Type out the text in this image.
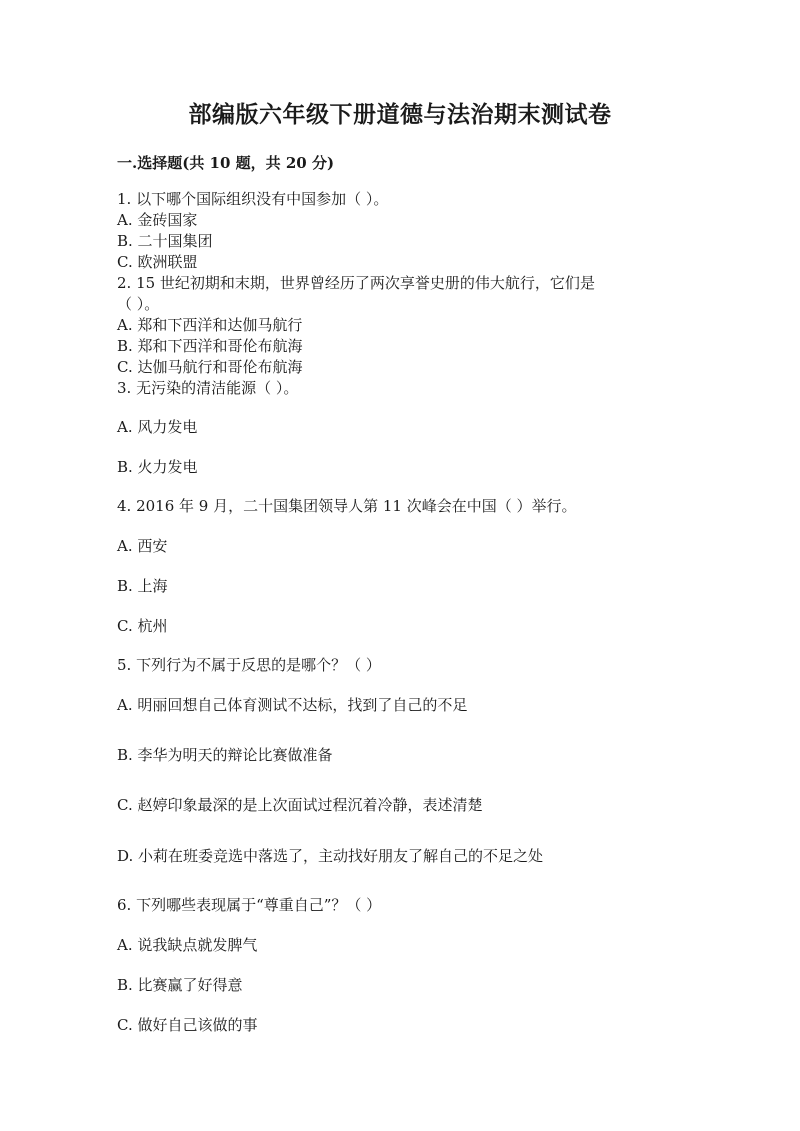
部编版六年级下册道德与法治期末测试卷
一.选择题(共 10 题，共 20 分)
1. 以下哪个国际组织没有中国参加（ ）。
A. 金砖国家
B. 二十国集团
C. 欧洲联盟
2. 15 世纪初期和末期，世界曾经历了两次享誉史册的伟大航行，它们是
（ ）。
A. 郑和下西洋和达伽马航行
B. 郑和下西洋和哥伦布航海
C. 达伽马航行和哥伦布航海
3. 无污染的清洁能源（ ）。
A. 风力发电
B. 火力发电
4. 2016 年 9 月，二十国集团领导人第 11 次峰会在中国（ ）举行。
A. 西安
B. 上海
C. 杭州
5. 下列行为不属于反思的是哪个？（ ）
A. 明丽回想自己体育测试不达标，找到了自己的不足
B. 李华为明天的辩论比赛做准备
C. 赵婷印象最深的是上次面试过程沉着冷静，表述清楚
D. 小莉在班委竞选中落选了，主动找好朋友了解自己的不足之处
6. 下列哪些表现属于“尊重自己”？（ ）
A. 说我缺点就发脾气
B. 比赛赢了好得意
C. 做好自己该做的事
